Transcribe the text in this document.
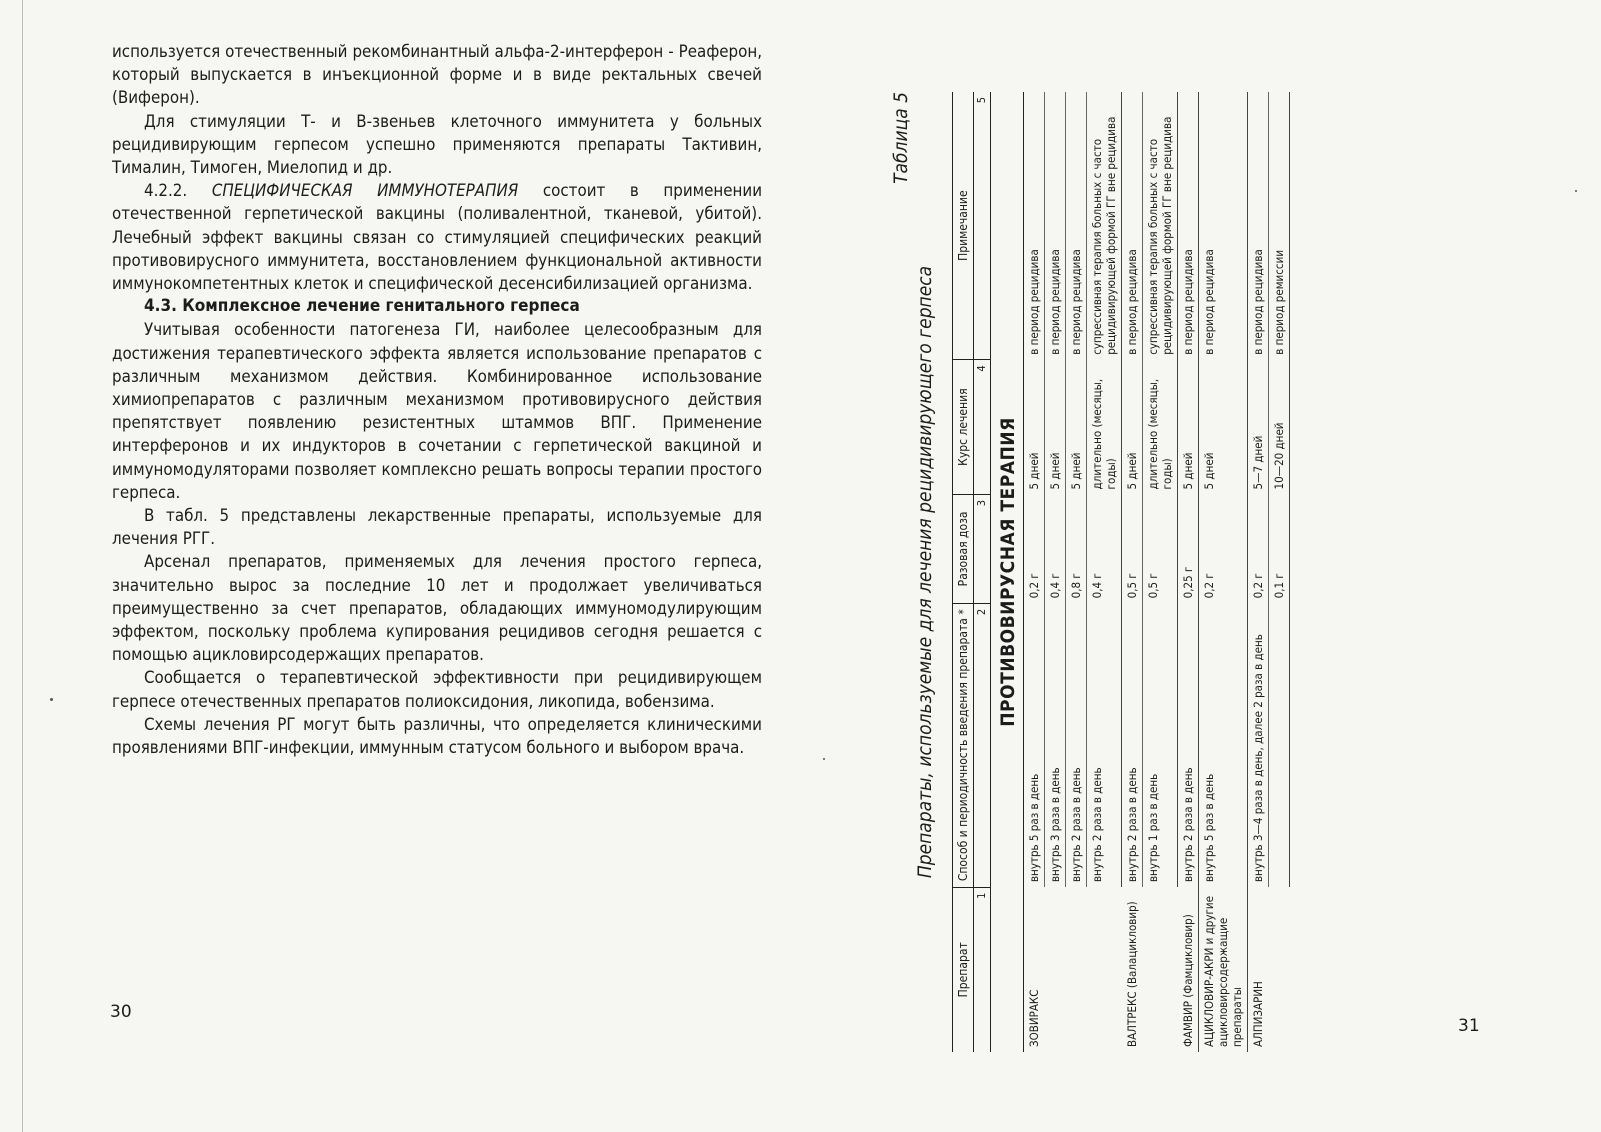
используется отечественный рекомбинантный альфа-2-интерферон - Реаферон, который выпускается в инъекционной форме и в виде ректальных свечей (Виферон).

Для стимуляции Т- и В-звеньев клеточного иммунитета у больных рецидивирующим герпесом успешно применяются препараты Тактивин, Тималин, Тимоген, Миелопид и др.

4.2.2. СПЕЦИФИЧЕСКАЯ ИММУНОТЕРАПИЯ состоит в применении отечественной герпетической вакцины (поливалентной, тканевой, убитой). Лечебный эффект вакцины связан со стимуляцией специфических реакций противовирусного иммунитета, восстановлением функциональной активности иммунокомпетентных клеток и специфической десенсибилизацией организма.

4.3. Комплексное лечение генитального герпеса

Учитывая особенности патогенеза ГИ, наиболее целесообразным для достижения терапевтического эффекта является использование препаратов с различным механизмом действия. Комбинированное использование химиопрепаратов с различным механизмом противовирусного действия препятствует появлению резистентных штаммов ВПГ. Применение интерферонов и их индукторов в сочетании с герпетической вакциной и иммуномодуляторами позволяет комплексно решать вопросы терапии простого герпеса.

В табл. 5 представлены лекарственные препараты, используемые для лечения РГГ.

Арсенал препаратов, применяемых для лечения простого герпеса, значительно вырос за последние 10 лет и продолжает увеличиваться преимущественно за счет препаратов, обладающих иммуномодулирующим эффектом, поскольку проблема купирования рецидивов сегодня решается с помощью ацикловирсодержащих препаратов.

Сообщается о терапевтической эффективности при рецидивирующем герпесе отечественных препаратов полиоксидония, ликопида, вобензима.

Схемы лечения РГ могут быть различны, что определяется клиническими проявлениями ВПГ-инфекции, иммунным статусом больного и выбором врача.

30
Таблица 5
Препараты, используемые для лечения рецидивирующего герпеса
Препарат	Способ и периодичность введения препарата *	Разовая доза	Курс лечения	Примечание
1	2	3	4	5
ПРОТИВОВИРУСНАЯ ТЕРАПИЯ				
ЗОВИРАКС	внутрь 5 раз в день	0,2 г	5 дней	в период рецидива
	внутрь 3 раза в день	0,4 г	5 дней	в период рецидива
	внутрь 2 раза в день	0,8 г	5 дней	в период рецидива
	внутрь 2 раза в день	0,4 г	длительно (месяцы, годы)	супрессивная терапия больных с часто рецидивирующей формой ГГ вне рецидива
ВАЛТРЕКС (Валацикловир)	внутрь 2 раза в день	0,5 г	5 дней	в период рецидива
	внутрь 1 раз в день	0,5 г	длительно (месяцы, годы)	супрессивная терапия больных с часто рецидивирующей формой ГГ вне рецидива
ФАМВИР (Фамцикловир)	внутрь 2 раза в день	0,25 г	5 дней	в период рецидива
АЦИКЛОВИР-АКРИ и другие ацикловирсодержащие препараты	внутрь 5 раз в день	0,2 г	5 дней	в период рецидива
АЛПИЗАРИН	внутрь 3—4 раза в день, далее 2 раза в день	0,2 г	5—7 дней	в период рецидива
		0,1 г	10—20 дней	в период ремиссии
31
